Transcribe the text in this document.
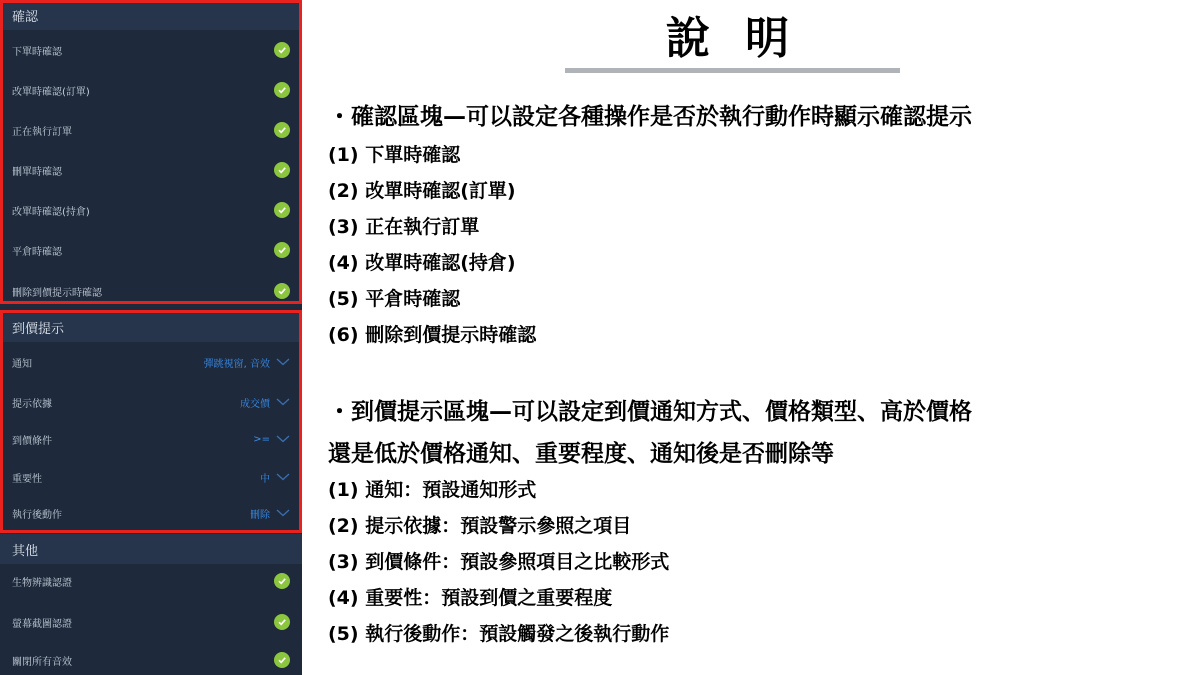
確認
下單時確認
改單時確認(訂單)
正在執行訂單
刪單時確認
改單時確認(持倉)
平倉時確認
刪除到價提示時確認
到價提示
通知	彈跳視窗, 音效
提示依據	成交價
到價條件	>=
重要性	中
執行後動作	刪除
其他
生物辨識認證
螢幕截圖認證
關閉所有音效
說 明
・確認區塊—可以設定各種操作是否於執行動作時顯示確認提示
(1) 下單時確認
(2) 改單時確認(訂單)
(3) 正在執行訂單
(4) 改單時確認(持倉)
(5) 平倉時確認
(6) 刪除到價提示時確認
・到價提示區塊—可以設定到價通知方式、價格類型、高於價格
還是低於價格通知、重要程度、通知後是否刪除等
(1) 通知：預設通知形式
(2) 提示依據：預設警示參照之項目
(3) 到價條件：預設參照項目之比較形式
(4) 重要性：預設到價之重要程度
(5) 執行後動作：預設觸發之後執行動作
